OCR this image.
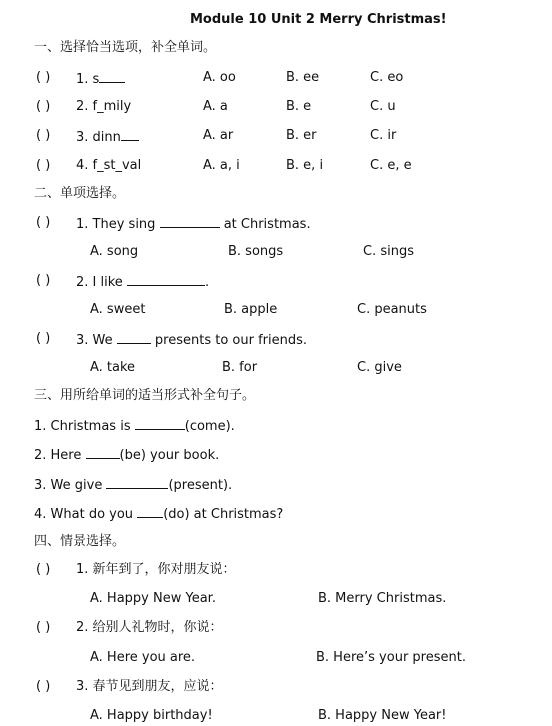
Module 10 Unit 2 Merry Christmas!
一、选择恰当选项，补全单词。
( ) 1. s	A. oo	B. ee	C. eo
( ) 2. f_mily	A. a	B. e	C. u
( ) 3. dinn	A. ar	B. er	C. ir
( ) 4. f_st_val	A. a, i	B. e, i	C. e, e
二、单项选择。
( ) 1. They sing	at Christmas.
A. song	B. songs	C. sings
( ) 2. I like	.
A. sweet	B. apple	C. peanuts
( ) 3. We	presents to our friends.
A. take	B. for	C. give
三、用所给单词的适当形式补全句子。
1. Christmas is	(come).
2. Here	(be) your book.
3. We give	(present).
4. What do you (do) at Christmas?
四、情景选择。
( ) 1. 新年到了，你对朋友说：
A. Happy New Year.	B. Merry Christmas.
( ) 2. 给别人礼物时，你说：
A. Here you are.	B. Here’s your present.
( ) 3. 春节见到朋友，应说：
A. Happy birthday!	B. Happy New Year!
